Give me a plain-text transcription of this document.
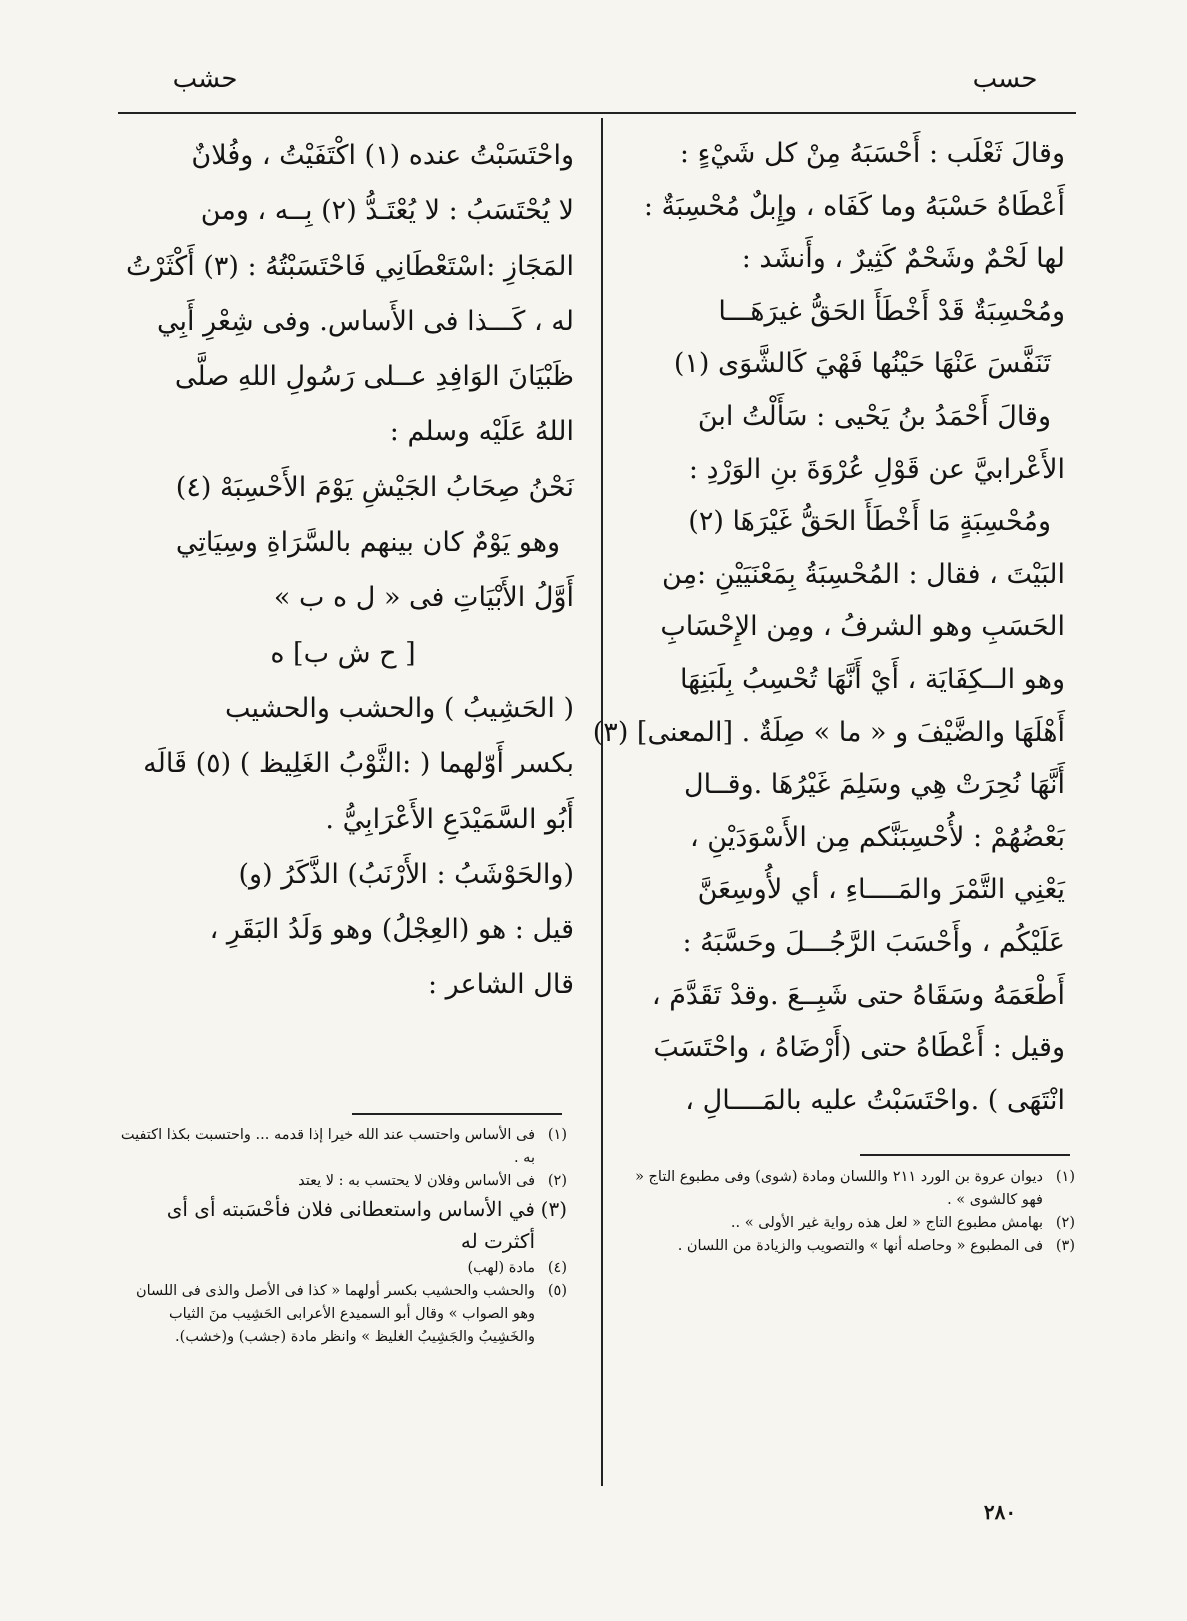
حسب
حشب
وقالَ ثَعْلَب : أَحْسَبَهُ مِنْ كل شَيْءٍ :
أَعْطَاهُ حَسْبَهُ وما كَفَاه ، وإِبلٌ مُحْسِبَةٌ :
لها لَحْمٌ وشَحْمٌ كَثِيرٌ ، وأَنشَد :
ومُحْسِبَةٌ قَدْ أَخْطَأَ الحَقُّ غيرَهَـــا
تَنَفَّسَ عَنْهَا حَيْنُها فَهْيَ كَالشَّوَى (١)
وقالَ أَحْمَدُ بنُ يَحْيى : سَأَلْتُ ابنَ
الأَعْرابيَّ عن قَوْلِ عُرْوَةَ بنِ الوَرْدِ :
ومُحْسِبَةٍ مَا أَخْطَأَ الحَقُّ غَيْرَهَا (٢)
البَيْتَ ، فقال : المُحْسِبَةُ بِمَعْنَيَيْنِ :مِن
الحَسَبِ وهو الشرفُ ، ومِن الإِحْسَابِ
وهو الــكِفَايَة ، أَيْ أَنَّهَا تُحْسِبُ بِلَبَنِهَا
أَهْلَهَا والضَّيْفَ و « ما » صِلَةٌ . [المعنى] (٣)
أَنَّهَا نُحِرَتْ هِي وسَلِمَ غَيْرُهَا .وقــال
بَعْضُهُمْ : لأُحْسِبَنَّكم مِن الأَسْوَدَيْنِ ،
يَعْنِي التَّمْرَ والمَــــاءِ ، أي لأُوسِعَنَّ
عَلَيْكُم ، وأَحْسَبَ الرَّجُـــلَ وحَسَّبَهُ :
أَطْعَمَهُ وسَقَاهُ حتى شَبِــعَ .وقدْ تَقَدَّمَ ،
وقيل : أَعْطَاهُ حتى (أَرْضَاهُ ، واحْتَسَبَ
انْتَهَى ) .واحْتَسَبْتُ عليه بالمَــــالِ ،
(١)
ديوان عروة بن الورد ٢١١ واللسان ومادة (شوى) وفى مطبوع التاج « فهو كالشوى » .
(٢)
بهامش مطبوع التاج « لعل هذه رواية غير الأولى » ..
(٣)
فى المطبوع « وحاصله أنها » والتصويب والزيادة من اللسان .
واحْتَسَبْتُ عنده (١) اكْتَفَيْتُ ، وفُلانٌ
لا يُحْتَسَبُ : لا يُعْتَـدُّ (٢) بِــه ، ومن
المَجَازِ :اسْتَعْطَانِي فَاحْتَسَبْتُهُ : (٣) أَكْثَرْتُ
له ، كَـــذا فى الأَساس. وفى شِعْرِ أَبِي
ظَبْيَانَ الوَافِدِ عــلى رَسُولِ اللهِ صلَّى
اللهُ عَلَيْه وسلم :
نَحْنُ صِحَابُ الجَيْشِ يَوْمَ الأَحْسِبَهْ (٤)
وهو يَوْمٌ كان بينهم بالسَّرَاةِ وسِيَاتِي
أَوَّلُ الأَبْيَاتِ فى « ل ه ب »
[ ح ش ب] ه
( الحَشِيبُ ) والحشب والحشيب
بكسر أَوّلهما ( :الثَّوْبُ الغَلِيظ ) (٥) قَالَه
أَبُو السَّمَيْدَعِ الأَعْرَابِيُّ .
(والحَوْشَبُ : الأَرْنَبُ) الذَّكَرُ (و)
قيل : هو (العِجْلُ) وهو وَلَدُ البَقَرِ ،
قال الشاعر :
(١)
فى الأساس واحتسب عند الله خيرا إذا قدمه ... واحتسبت بكذا اكتفيت به .
(٢)
فى الأساس وفلان لا يحتسب به : لا يعتد
(٣)
في الأساس واستعطانى فلان فأحْسَبته أى أى أكثرت له
(٤)
مادة (لهب)
(٥)
والحشب والحشيب بكسر أولهما « كذا فى الأصل والذى فى اللسان وهو الصواب » وقال أبو السميدع الأعرابى الحَشِيب منَ الثياب والخَشِيبُ والجَشِيبُ الغليظ » وانظر مادة (جشب) و(خشب).
٢٨٠
